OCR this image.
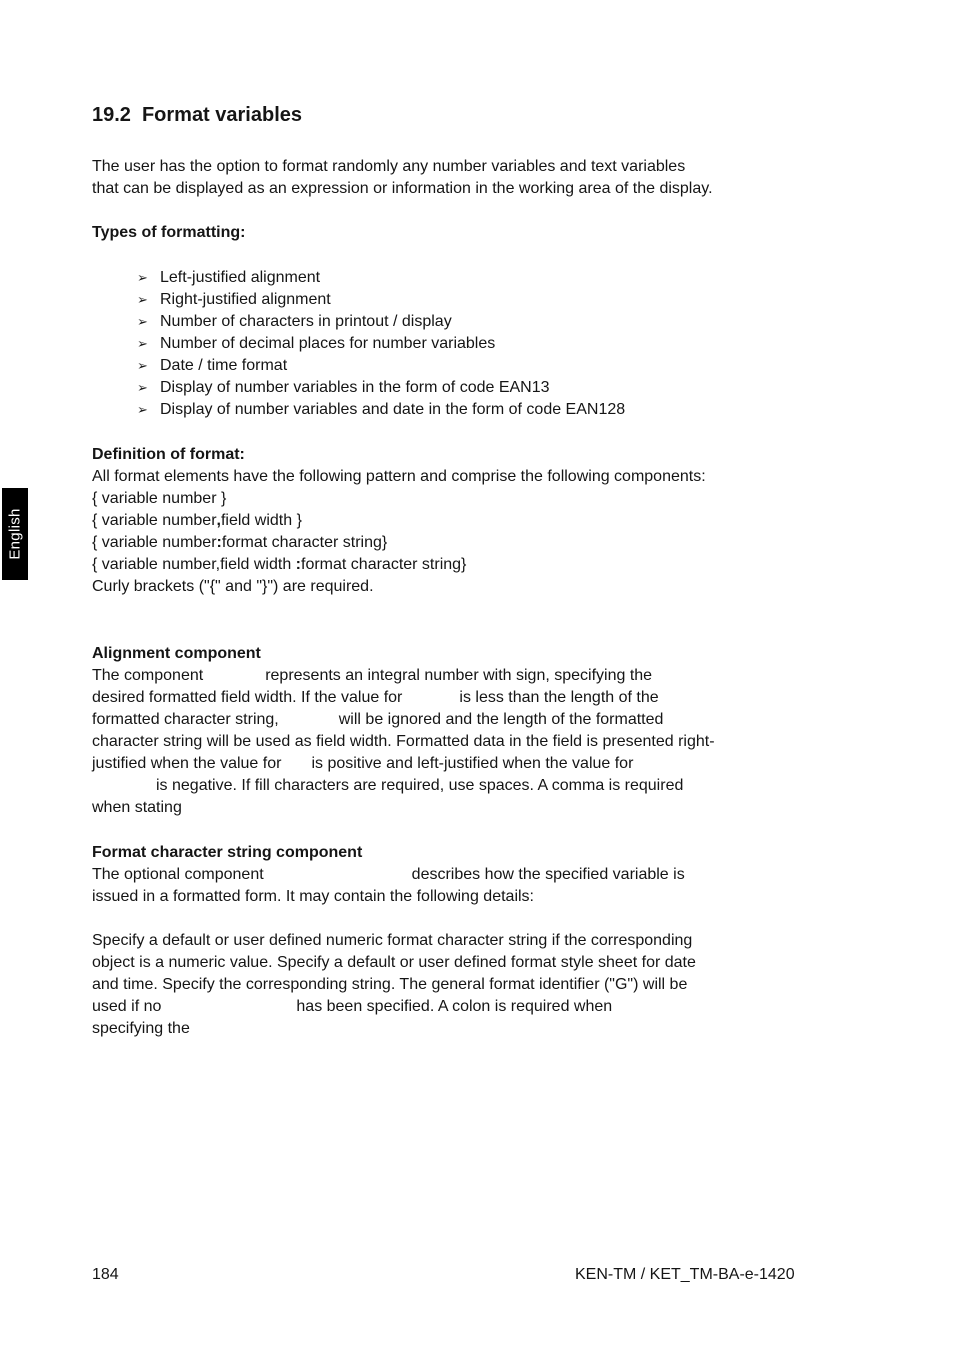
English
19.2 Format variables
The user has the option to format randomly any number variables and text variables
that can be displayed as an expression or information in the working area of the display.
Types of formatting:
➢ Left-justified alignment
➢ Right-justified alignment
➢ Number of characters in printout / display
➢ Number of decimal places for number variables
➢ Date / time format
➢ Display of number variables in the form of code EAN13
➢ Display of number variables and date in the form of code EAN128
Definition of format:
All format elements have the following pattern and comprise the following components:
{ variable number }
{ variable number,field width }
{ variable number:format character string}
{ variable number,field width :format character string}
Curly brackets ("{" and "}") are required.
Alignment component
The component	represents an integral number with sign, specifying the
desired formatted field width. If the value for	is less than the length of the
formatted character string,	will be ignored and the length of the formatted
character string will be used as field width. Formatted data in the field is presented right-
justified when the value for is positive and left-justified when the value for
is negative. If fill characters are required, use spaces. A comma is required
when stating
Format character string component
The optional component	describes how the specified variable is
issued in a formatted form. It may contain the following details:
Specify a default or user defined numeric format character string if the corresponding
object is a numeric value. Specify a default or user defined format style sheet for date
and time. Specify the corresponding string. The general format identifier ("G") will be
used if no	has been specified. A colon is required when
specifying the
184	KEN-TM / KET_TM-BA-e-1420
